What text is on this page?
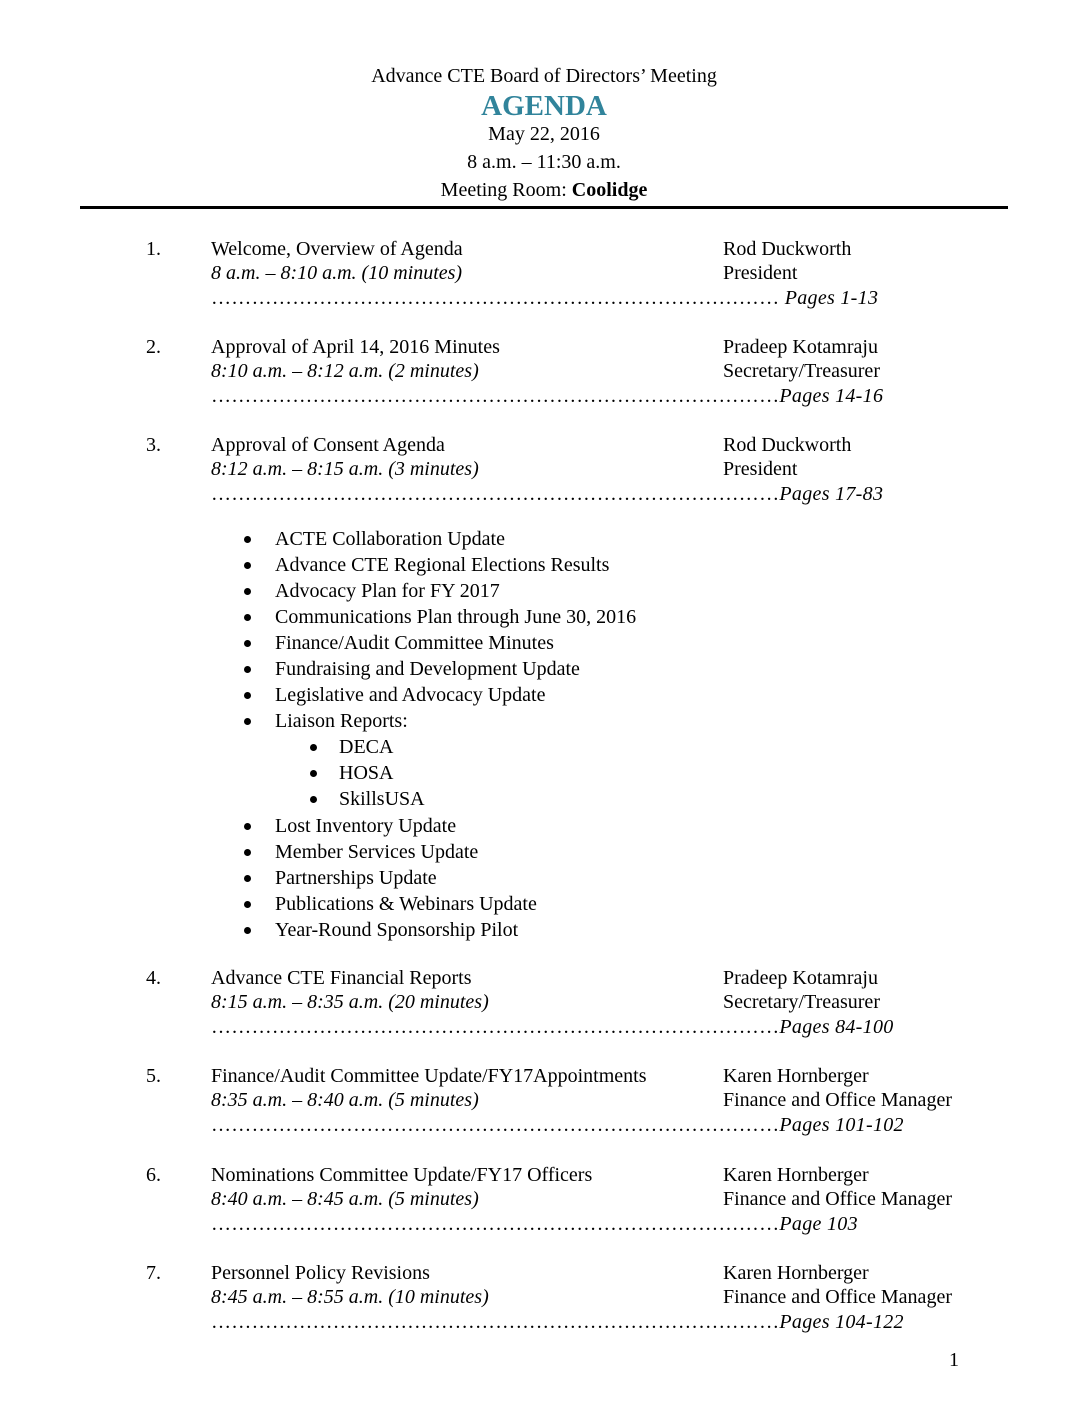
Advance CTE Board of Directors’ Meeting
AGENDA
May 22, 2016
8 a.m. – 11:30 a.m.
Meeting Room: Coolidge
1.	Welcome, Overview of Agenda
8 a.m. – 8:10 a.m. (10 minutes)
………………………………………………………………………… Pages 1-13
Rod Duckworth
President
2.	Approval of April 14, 2016 Minutes
8:10 a.m. – 8:12 a.m. (2 minutes)
…………………………………………………………………………Pages 14-16
Pradeep Kotamraju
Secretary/Treasurer
3.	Approval of Consent Agenda
8:12 a.m. – 8:15 a.m. (3 minutes)
…………………………………………………………………………Pages 17-83
Rod Duckworth
President
ACTE Collaboration Update
Advance CTE Regional Elections Results
Advocacy Plan for FY 2017
Communications Plan through June 30, 2016
Finance/Audit Committee Minutes
Fundraising and Development Update
Legislative and Advocacy Update
Liaison Reports:
DECA
HOSA
SkillsUSA
Lost Inventory Update
Member Services Update
Partnerships Update
Publications & Webinars Update
Year-Round Sponsorship Pilot
4.	Advance CTE Financial Reports
8:15 a.m. – 8:35 a.m. (20 minutes)
…………………………………………………………………………Pages 84-100
Pradeep Kotamraju
Secretary/Treasurer
5.	Finance/Audit Committee Update/FY17Appointments
8:35 a.m. – 8:40 a.m. (5 minutes)
…………………………………………………………………………Pages 101-102
Karen Hornberger
Finance and Office Manager
6.	Nominations Committee Update/FY17 Officers
8:40 a.m. – 8:45 a.m. (5 minutes)
…………………………………………………………………………Page 103
Karen Hornberger
Finance and Office Manager
7.	Personnel Policy Revisions
8:45 a.m. – 8:55 a.m. (10 minutes)
…………………………………………………………………………Pages 104-122
Karen Hornberger
Finance and Office Manager
1
